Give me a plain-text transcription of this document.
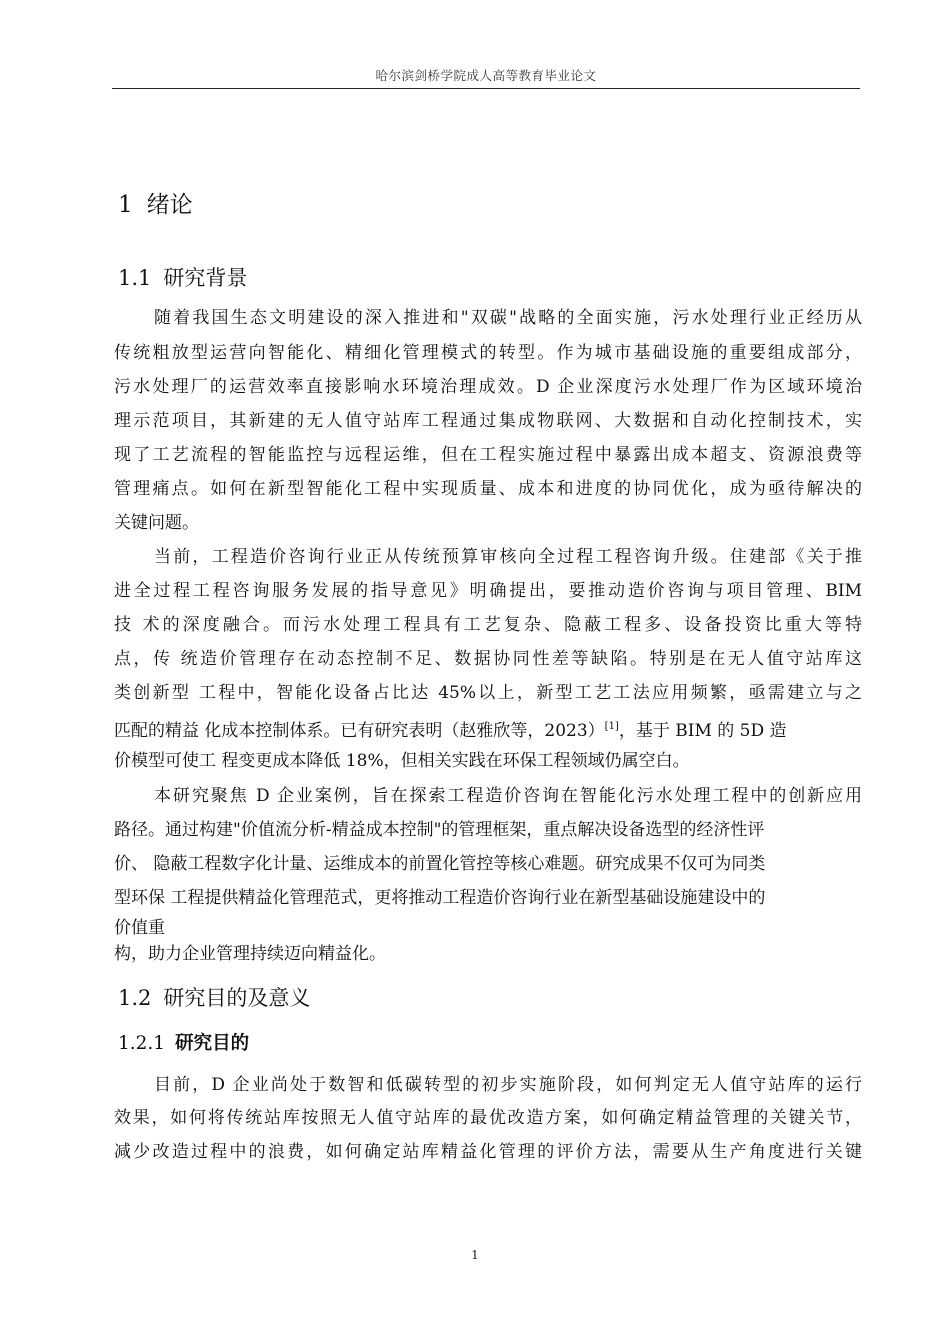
哈尔滨剑桥学院成人高等教育毕业论文
1 绪论
1.1 研究背景
随着我国生态文明建设的深入推进和"双碳"战略的全面实施，污水处理行业正经历从
传统粗放型运营向智能化、精细化管理模式的转型。作为城市基础设施的重要组成部分，
污水处理厂的运营效率直接影响水环境治理成效。D 企业深度污水处理厂作为区域环境治
理示范项目，其新建的无人值守站库工程通过集成物联网、大数据和自动化控制技术，实
现了工艺流程的智能监控与远程运维，但在工程实施过程中暴露出成本超支、资源浪费等
管理痛点。如何在新型智能化工程中实现质量、成本和进度的协同优化，成为亟待解决的
关键问题。
当前，工程造价咨询行业正从传统预算审核向全过程工程咨询升级。住建部《关于推
进全过程工程咨询服务发展的指导意见》明确提出，要推动造价咨询与项目管理、BIM
技 术的深度融合。而污水处理工程具有工艺复杂、隐蔽工程多、设备投资比重大等特
点，传 统造价管理存在动态控制不足、数据协同性差等缺陷。特别是在无人值守站库这
类创新型 工程中，智能化设备占比达 45%以上，新型工艺工法应用频繁，亟需建立与之
匹配的精益 化成本控制体系。已有研究表明（赵雅欣等，2023）[1]，基于 BIM 的 5D 造
价模型可使工 程变更成本降低 18%，但相关实践在环保工程领域仍属空白。
本研究聚焦 D 企业案例，旨在探索工程造价咨询在智能化污水处理工程中的创新应用
路径。通过构建"价值流分析-精益成本控制"的管理框架，重点解决设备选型的经济性评
价、 隐蔽工程数字化计量、运维成本的前置化管控等核心难题。研究成果不仅可为同类
型环保 工程提供精益化管理范式，更将推动工程造价咨询行业在新型基础设施建设中的
价值重
构，助力企业管理持续迈向精益化。
1.2 研究目的及意义
1.2.1 研究目的
目前，D 企业尚处于数智和低碳转型的初步实施阶段，如何判定无人值守站库的运行
效果，如何将传统站库按照无人值守站库的最优改造方案，如何确定精益管理的关键关节，
减少改造过程中的浪费，如何确定站库精益化管理的评价方法，需要从生产角度进行关键
1
